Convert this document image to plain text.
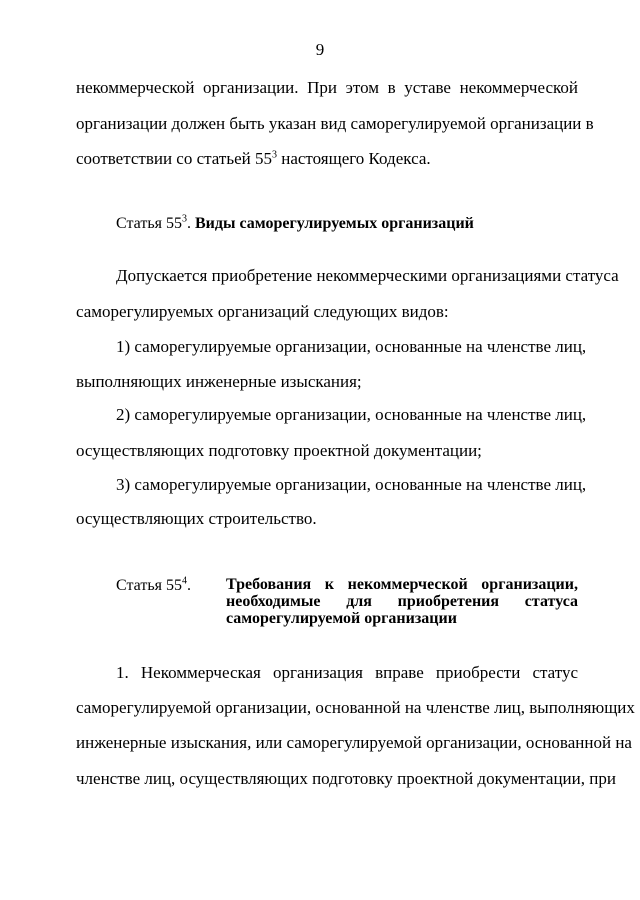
9
некоммерческой организации. При этом в уставе некоммерческой
организации должен быть указан вид саморегулируемой организации в
соответствии со статьей $55^3$ настоящего Кодекса.
Статья $55^3$. Виды саморегулируемых организаций
Допускается приобретение некоммерческими организациями статуса
саморегулируемых организаций следующих видов:
1) саморегулируемые организации, основанные на членстве лиц,
выполняющих инженерные изыскания;
2) саморегулируемые организации, основанные на членстве лиц,
осуществляющих подготовку проектной документации;
3) саморегулируемые организации, основанные на членстве лиц,
осуществляющих строительство.
Статья $55^4$. Требования к некоммерческой организации,
необходимые для приобретения статуса
саморегулируемой организации
1. Некоммерческая организация вправе приобрести статус
саморегулируемой организации, основанной на членстве лиц, выполняющих
инженерные изыскания, или саморегулируемой организации, основанной на
членстве лиц, осуществляющих подготовку проектной документации, при
